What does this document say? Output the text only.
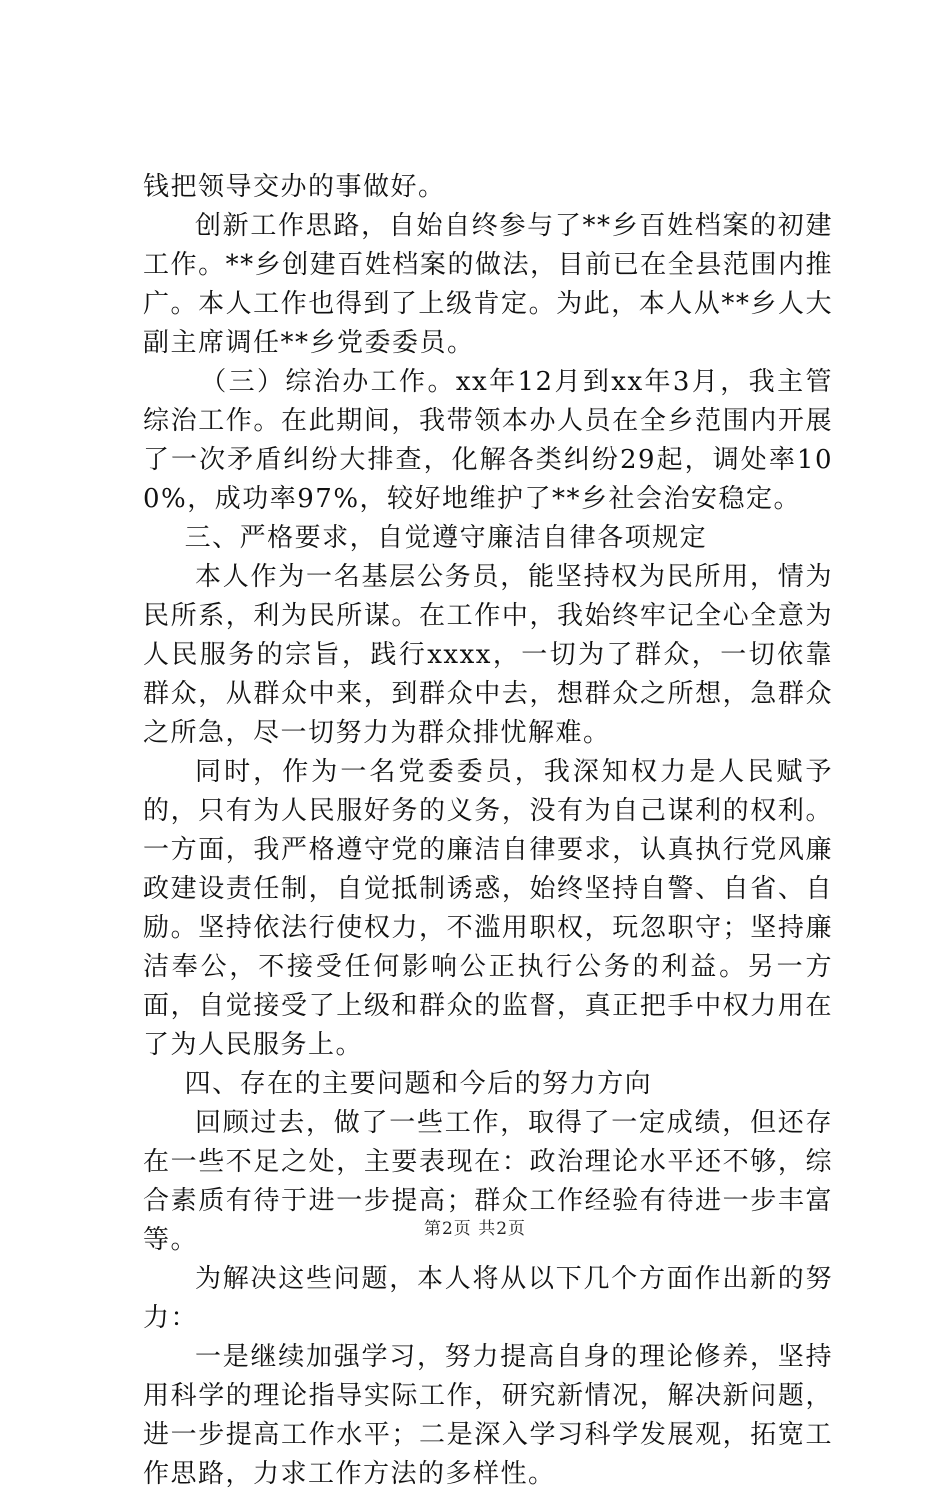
钱把领导交办的事做好。

创新工作思路，自始自终参与了**乡百姓档案的初建工作。**乡创建百姓档案的做法，目前已在全县范围内推广。本人工作也得到了上级肯定。为此，本人从**乡人大副主席调任**乡党委委员。

（三）综治办工作。xx年12月到xx年3月，我主管综治工作。在此期间，我带领本办人员在全乡范围内开展了一次矛盾纠纷大排查，化解各类纠纷29起，调处率100%，成功率97%，较好地维护了**乡社会治安稳定。

三、严格要求，自觉遵守廉洁自律各项规定

本人作为一名基层公务员，能坚持权为民所用，情为民所系，利为民所谋。在工作中，我始终牢记全心全意为人民服务的宗旨，践行xxxx，一切为了群众，一切依靠群众，从群众中来，到群众中去，想群众之所想，急群众之所急，尽一切努力为群众排忧解难。

同时，作为一名党委委员，我深知权力是人民赋予的，只有为人民服好务的义务，没有为自己谋利的权利。一方面，我严格遵守党的廉洁自律要求，认真执行党风廉政建设责任制，自觉抵制诱惑，始终坚持自警、自省、自励。坚持依法行使权力，不滥用职权，玩忽职守；坚持廉洁奉公，不接受任何影响公正执行公务的利益。另一方面，自觉接受了上级和群众的监督，真正把手中权力用在了为人民服务上。

四、存在的主要问题和今后的努力方向

回顾过去，做了一些工作，取得了一定成绩，但还存在一些不足之处，主要表现在：政治理论水平还不够，综合素质有待于进一步提高；群众工作经验有待进一步丰富等。

为解决这些问题，本人将从以下几个方面作出新的努力：

一是继续加强学习，努力提高自身的理论修养，坚持用科学的理论指导实际工作，研究新情况，解决新问题，进一步提高工作水平；二是深入学习科学发展观，拓宽工作思路，力求工作方法的多样性。

第2页 共2页
